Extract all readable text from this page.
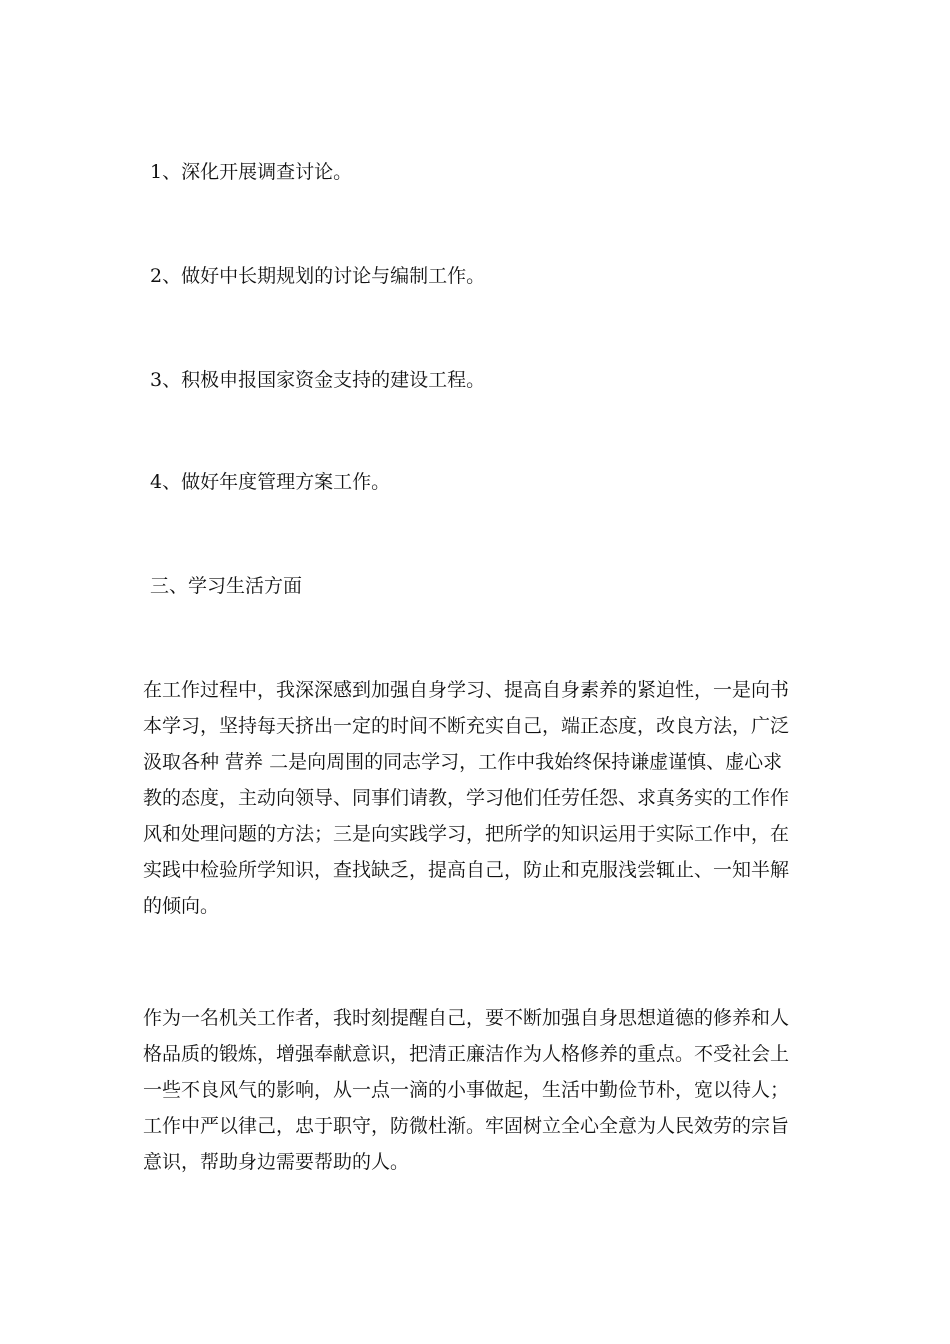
1、深化开展调查讨论。
2、做好中长期规划的讨论与编制工作。
3、积极申报国家资金支持的建设工程。
4、做好年度管理方案工作。
三、学习生活方面
在工作过程中，我深深感到加强自身学习、提高自身素养的紧迫性，一是向书
本学习，坚持每天挤出一定的时间不断充实自己，端正态度，改良方法，广泛
汲取各种 营养 二是向周围的同志学习，工作中我始终保持谦虚谨慎、虚心求
教的态度，主动向领导、同事们请教，学习他们任劳任怨、求真务实的工作作
风和处理问题的方法；三是向实践学习，把所学的知识运用于实际工作中，在
实践中检验所学知识，查找缺乏，提高自己，防止和克服浅尝辄止、一知半解
的倾向。
作为一名机关工作者，我时刻提醒自己，要不断加强自身思想道德的修养和人
格品质的锻炼，增强奉献意识，把清正廉洁作为人格修养的重点。不受社会上
一些不良风气的影响，从一点一滴的小事做起，生活中勤俭节朴，宽以待人；
工作中严以律己，忠于职守，防微杜渐。牢固树立全心全意为人民效劳的宗旨
意识，帮助身边需要帮助的人。
